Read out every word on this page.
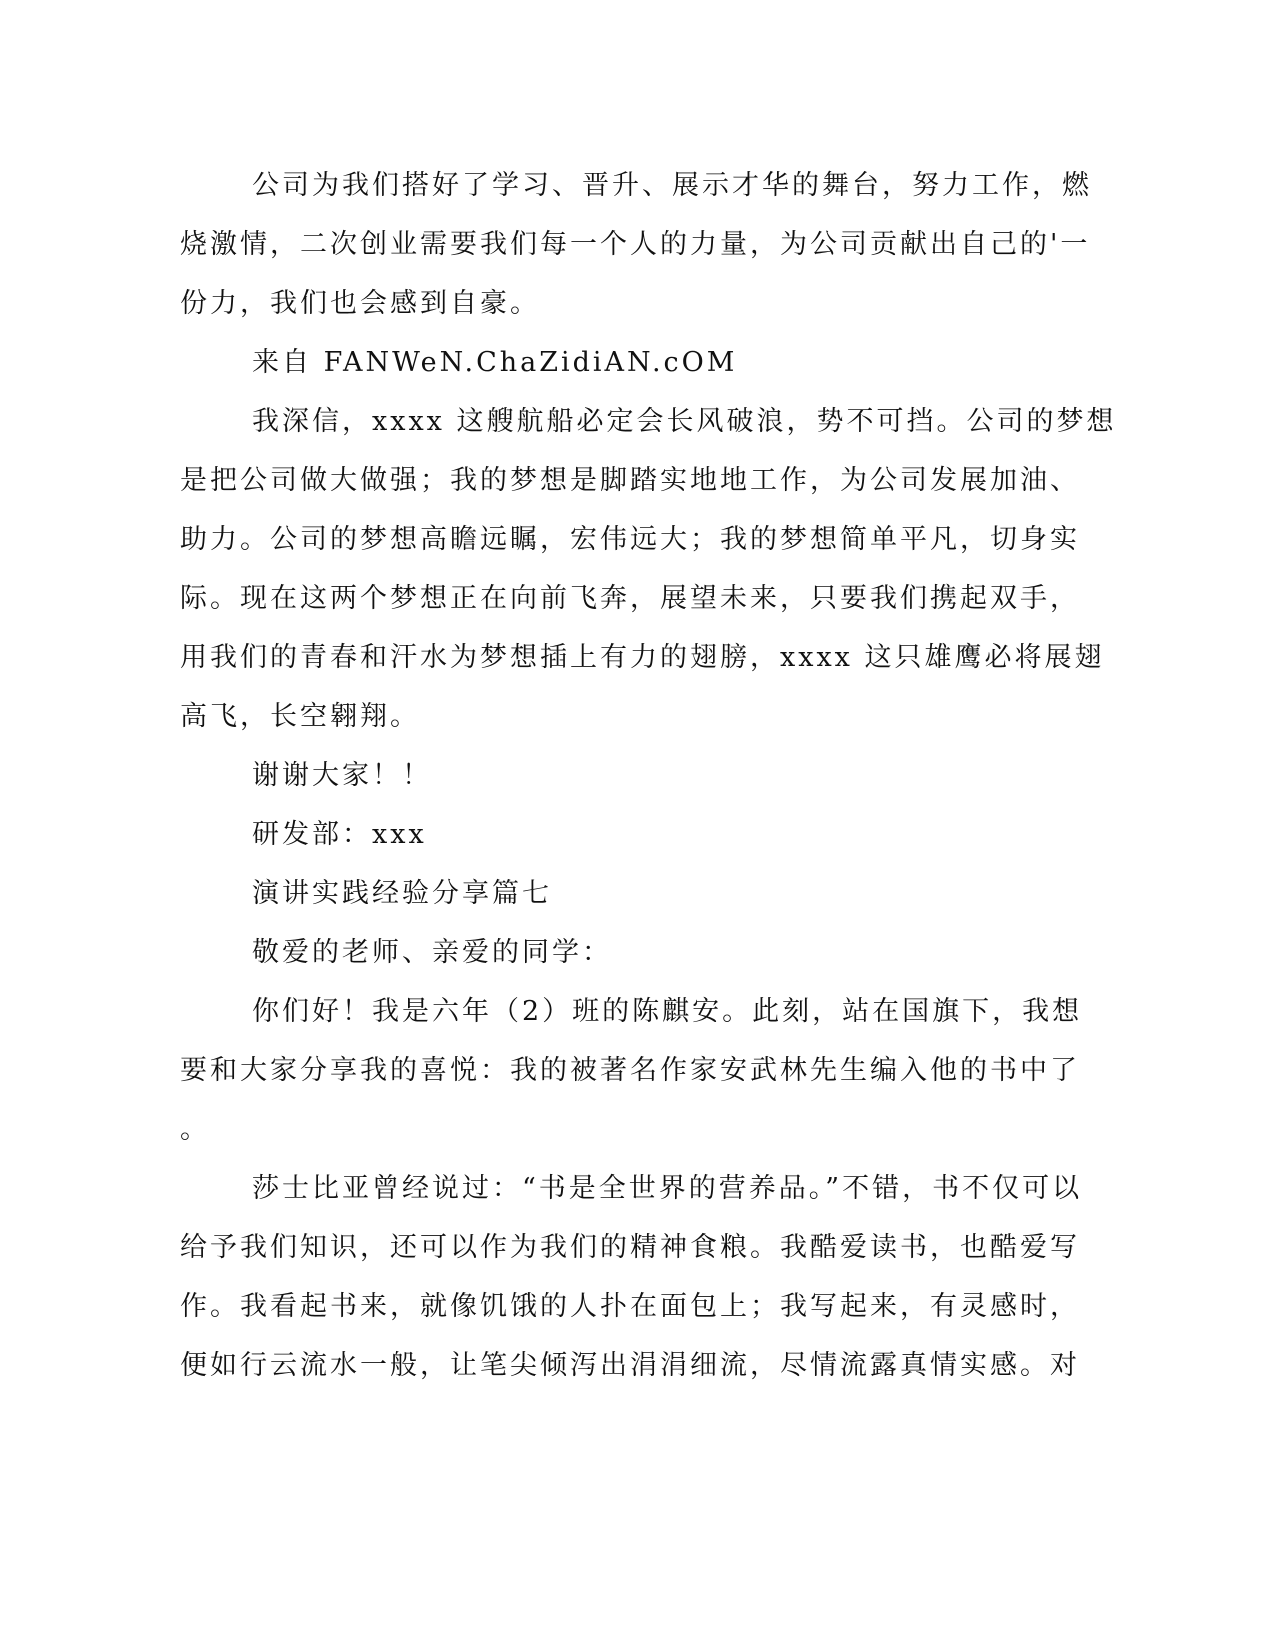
公司为我们搭好了学习、晋升、展示才华的舞台，努力工作，燃
烧激情，二次创业需要我们每一个人的力量，为公司贡献出自己的'一
份力，我们也会感到自豪。
来自 FANWeN.ChaZidiAN.cOM
我深信，xxxx 这艘航船必定会长风破浪，势不可挡。公司的梦想
是把公司做大做强；我的梦想是脚踏实地地工作，为公司发展加油、
助力。公司的梦想高瞻远瞩，宏伟远大；我的梦想简单平凡，切身实
际。现在这两个梦想正在向前飞奔，展望未来，只要我们携起双手，
用我们的青春和汗水为梦想插上有力的翅膀，xxxx 这只雄鹰必将展翅
高飞，长空翱翔。
谢谢大家！！
研发部：xxx
演讲实践经验分享篇七
敬爱的老师、亲爱的同学：
你们好！我是六年（2）班的陈麒安。此刻，站在国旗下，我想
要和大家分享我的喜悦：我的被著名作家安武林先生编入他的书中了
。
莎士比亚曾经说过：“书是全世界的营养品。”不错，书不仅可以
给予我们知识，还可以作为我们的精神食粮。我酷爱读书，也酷爱写
作。我看起书来，就像饥饿的人扑在面包上；我写起来，有灵感时，
便如行云流水一般，让笔尖倾泻出涓涓细流，尽情流露真情实感。对
